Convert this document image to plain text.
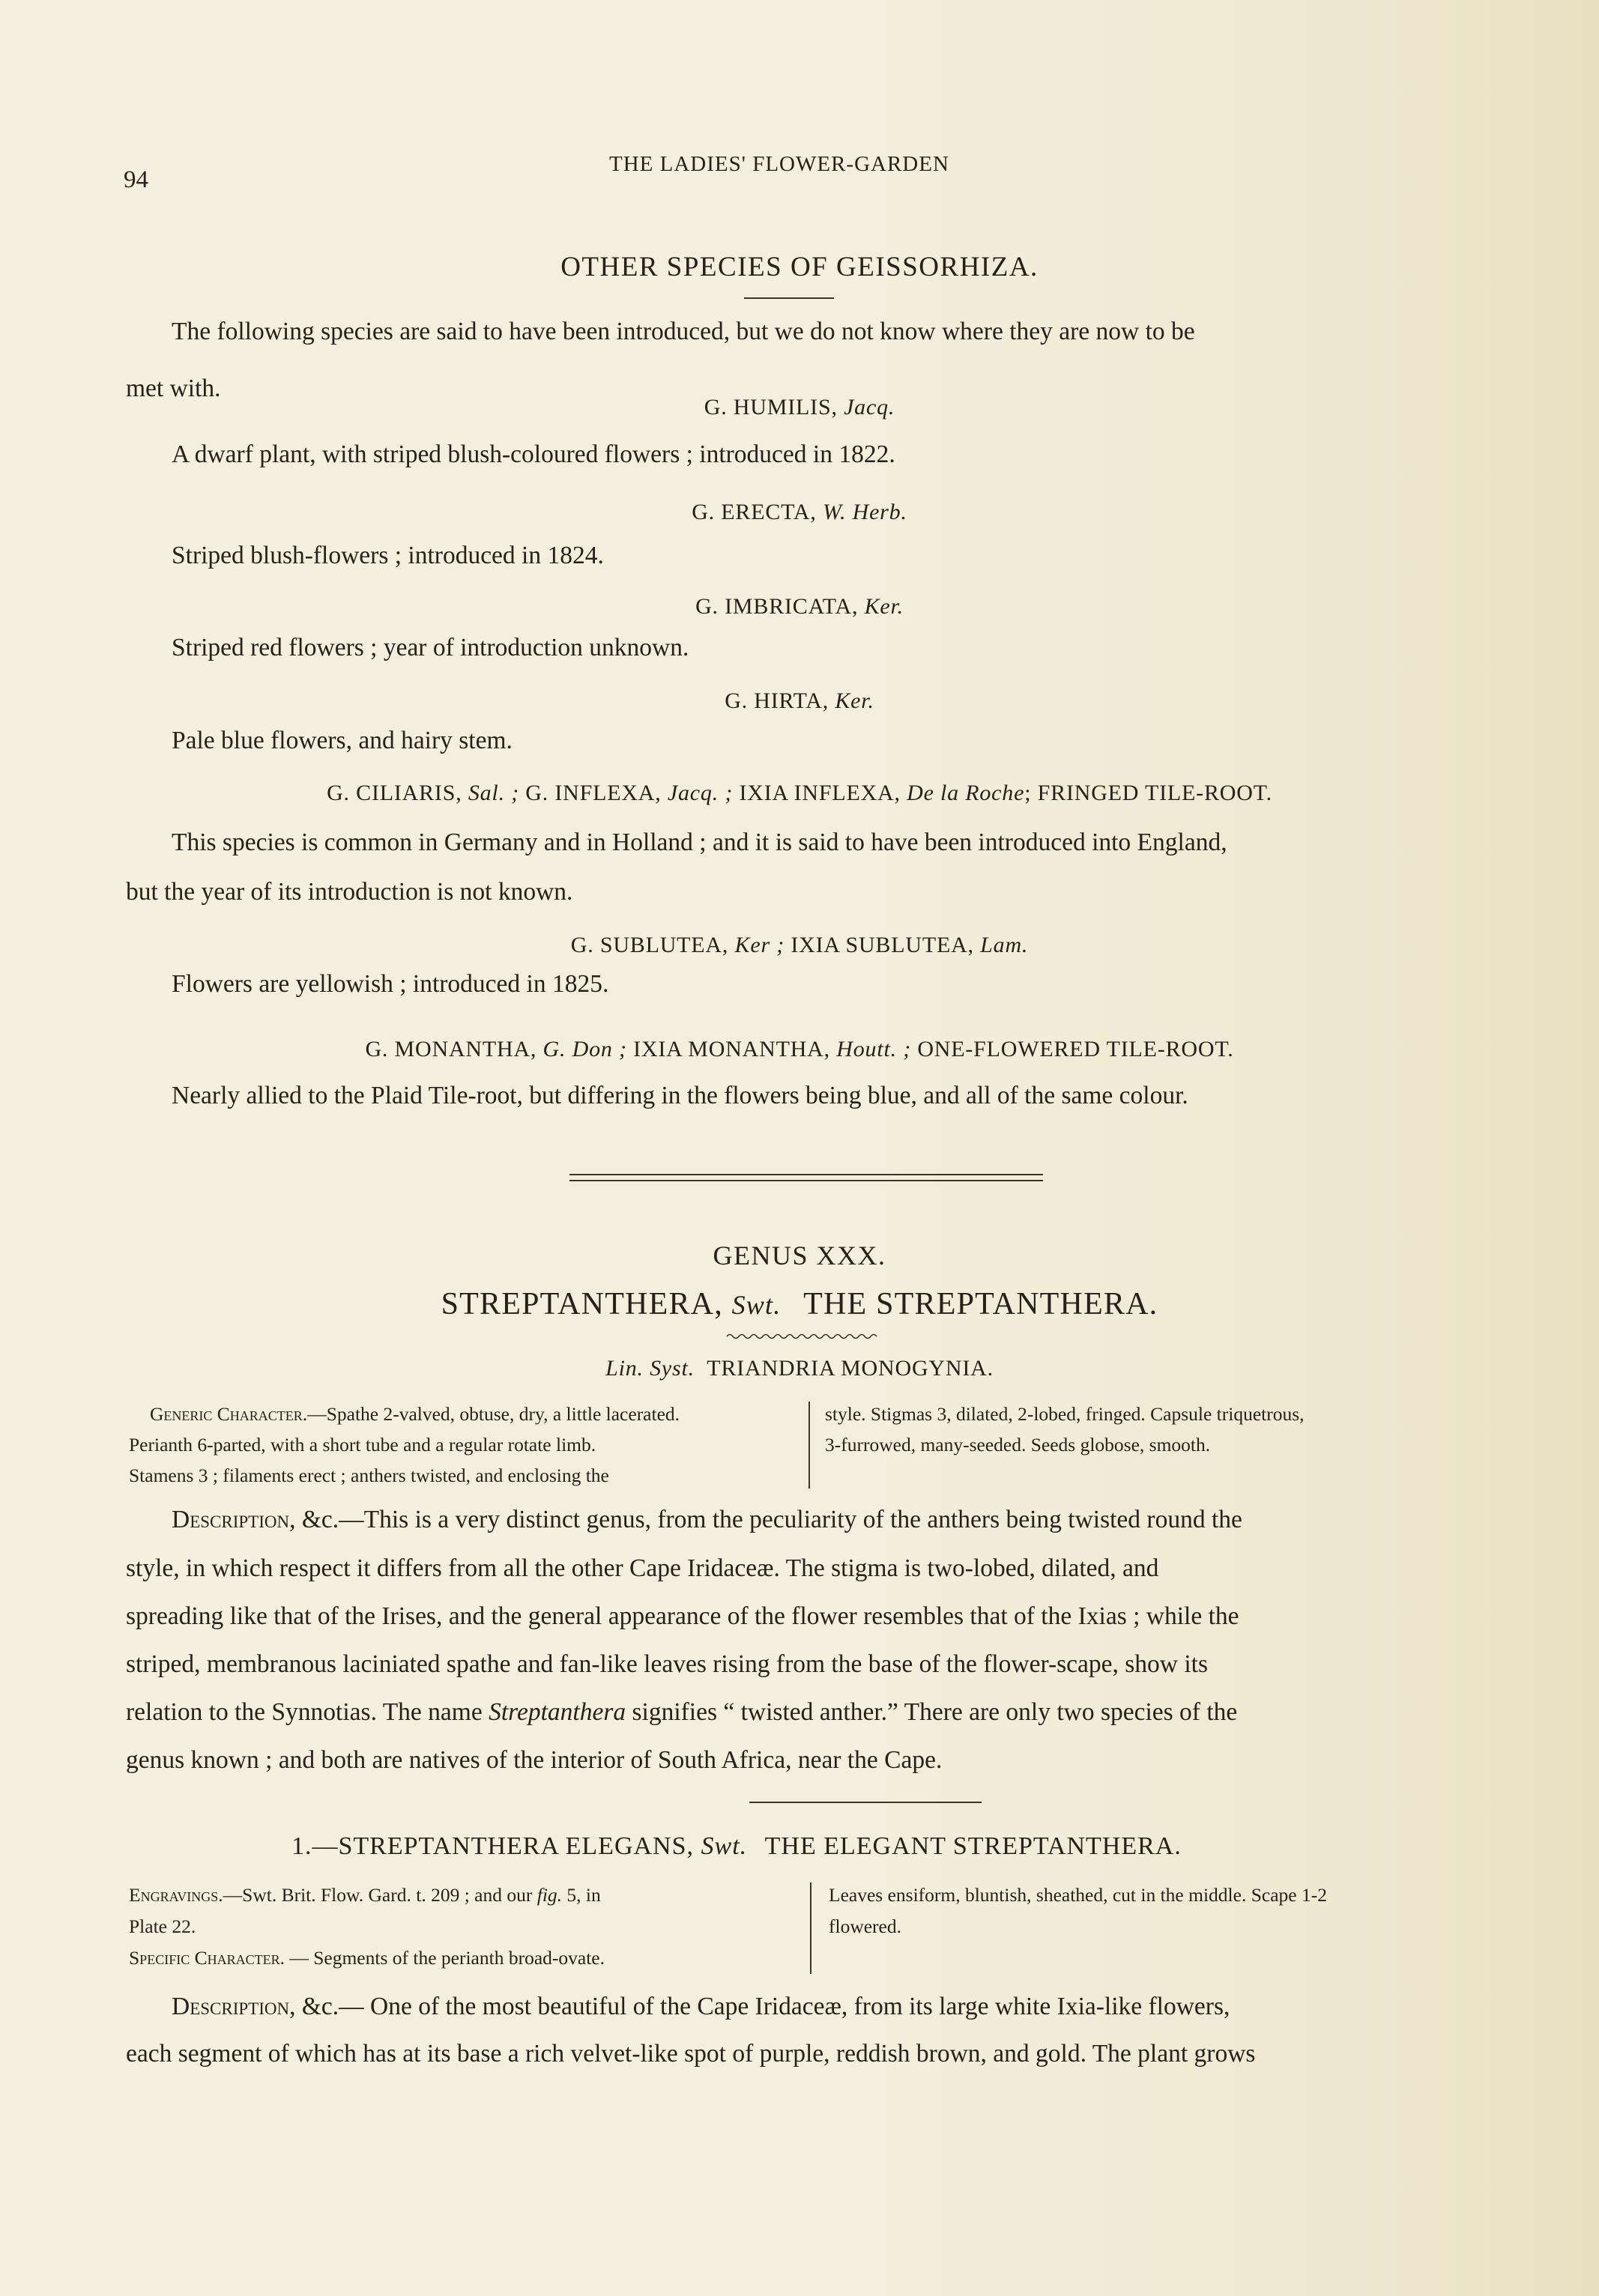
94
THE LADIES' FLOWER-GARDEN
OTHER SPECIES OF GEISSORHIZA.
The following species are said to have been introduced, but we do not know where they are now to be
met with.
G. HUMILIS, Jacq.
A dwarf plant, with striped blush-coloured flowers ; introduced in 1822.
G. ERECTA, W. Herb.
Striped blush-flowers ; introduced in 1824.
G. IMBRICATA, Ker.
Striped red flowers ; year of introduction unknown.
G. HIRTA, Ker.
Pale blue flowers, and hairy stem.
G. CILIARIS, Sal. ; G. INFLEXA, Jacq. ; IXIA INFLEXA, De la Roche; FRINGED TILE-ROOT.
This species is common in Germany and in Holland ; and it is said to have been introduced into England,
but the year of its introduction is not known.
G. SUBLUTEA, Ker ; IXIA SUBLUTEA, Lam.
Flowers are yellowish ; introduced in 1825.
G. MONANTHA, G. Don ; IXIA MONANTHA, Houtt. ; ONE-FLOWERED TILE-ROOT.
Nearly allied to the Plaid Tile-root, but differing in the flowers being blue, and all of the same colour.
GENUS XXX.
STREPTANTHERA, Swt. THE STREPTANTHERA.
Lin. Syst. TRIANDRIA MONOGYNIA.
Generic Character.—Spathe 2-valved, obtuse, dry, a little lacerated.
Perianth 6-parted, with a short tube and a regular rotate limb.
Stamens 3 ; filaments erect ; anthers twisted, and enclosing the
style. Stigmas 3, dilated, 2-lobed, fringed. Capsule triquetrous,
3-furrowed, many-seeded. Seeds globose, smooth.
Description, &c.—This is a very distinct genus, from the peculiarity of the anthers being twisted round the
style, in which respect it differs from all the other Cape Iridaceæ. The stigma is two-lobed, dilated, and
spreading like that of the Irises, and the general appearance of the flower resembles that of the Ixias ; while the
striped, membranous laciniated spathe and fan-like leaves rising from the base of the flower-scape, show its
relation to the Synnotias. The name Streptanthera signifies “ twisted anther.” There are only two species of the
genus known ; and both are natives of the interior of South Africa, near the Cape.
1.—STREPTANTHERA ELEGANS, Swt. THE ELEGANT STREPTANTHERA.
Engravings.—Swt. Brit. Flow. Gard. t. 209 ; and our fig. 5, in
Plate 22.
Specific Character. — Segments of the perianth broad-ovate.
Leaves ensiform, bluntish, sheathed, cut in the middle. Scape 1-2
flowered.
Description, &c.— One of the most beautiful of the Cape Iridaceæ, from its large white Ixia-like flowers,
each segment of which has at its base a rich velvet-like spot of purple, reddish brown, and gold. The plant grows
